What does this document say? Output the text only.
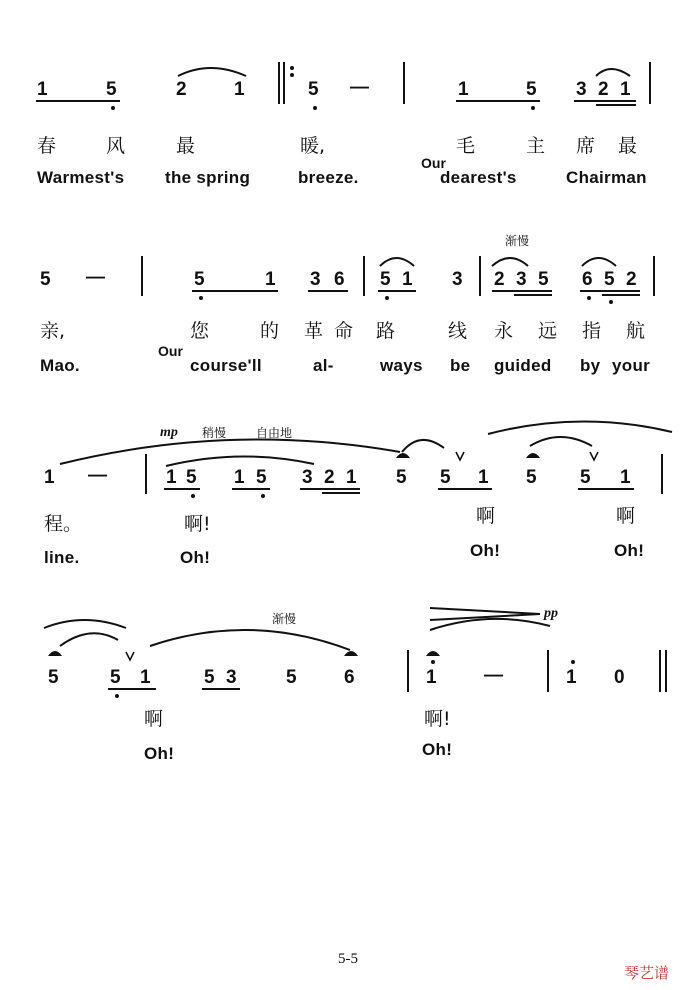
1	5	2 1	5 —	1	5 3 2 1
春	风	最	暖,	毛	主 席 最
Warmest's the spring	breeze.
Our
dearest's	Chairman
渐慢
5 —	5	1 3 6 5 1 3 2 3 5 6 5 2
亲,	您	的 革 命 路	线 永 远 指 航
Mao.
Our
course'll	al-	ways be guided by your
mp 稍慢 自由地
1 —	1 5 1 5 3 2 1 5 5 1 5 5 1
程。	啊!	啊	啊
line.	Oh!	Oh!	Oh!
渐慢	pp
5	5 1	5 3	5 6	1 —	1 0
啊	啊!
Oh!	Oh!
5-5
琴艺谱
